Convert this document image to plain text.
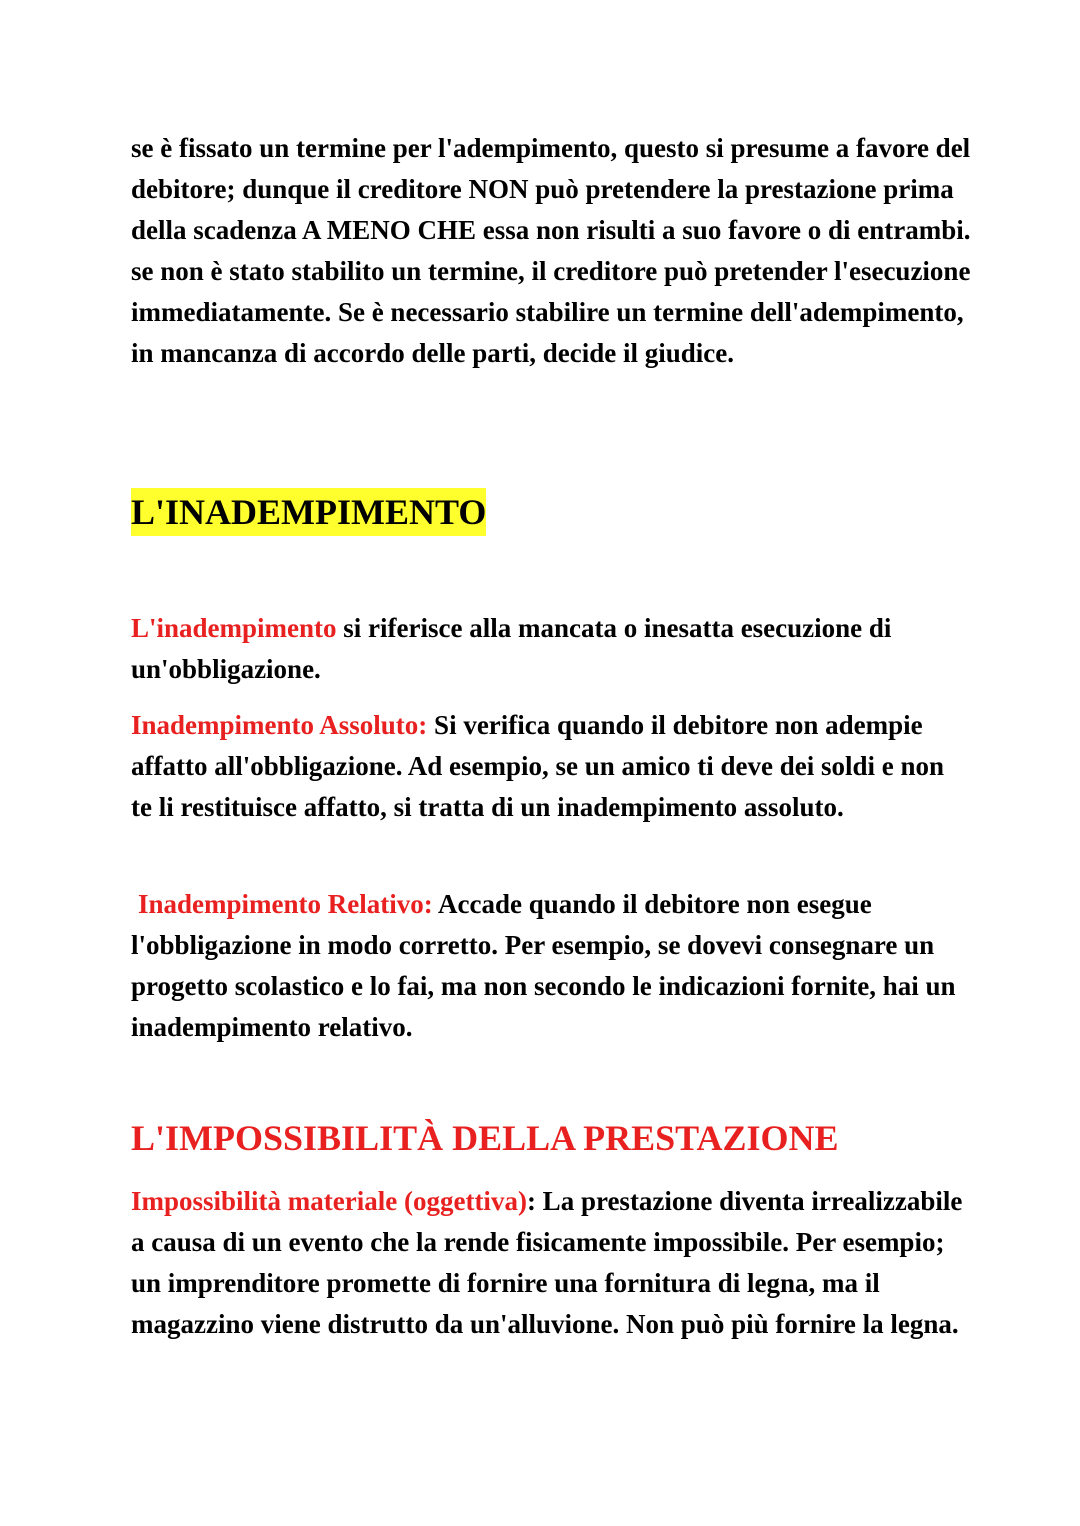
se è fissato un termine per l'adempimento, questo si presume a favore del debitore; dunque il creditore NON può pretendere la prestazione prima della scadenza A MENO CHE essa non risulti a suo favore o di entrambi. se non è stato stabilito un termine, il creditore può pretender l'esecuzione immediatamente. Se è necessario stabilire un termine dell'adempimento, in mancanza di accordo delle parti, decide il giudice.

L'INADEMPIMENTO

L'inadempimento si riferisce alla mancata o inesatta esecuzione di un'obbligazione.

Inadempimento Assoluto: Si verifica quando il debitore non adempie affatto all'obbligazione. Ad esempio, se un amico ti deve dei soldi e non te li restituisce affatto, si tratta di un inadempimento assoluto.

Inadempimento Relativo: Accade quando il debitore non esegue l'obbligazione in modo corretto. Per esempio, se dovevi consegnare un progetto scolastico e lo fai, ma non secondo le indicazioni fornite, hai un inadempimento relativo.

L'IMPOSSIBILITÀ DELLA PRESTAZIONE

Impossibilità materiale (oggettiva): La prestazione diventa irrealizzabile a causa di un evento che la rende fisicamente impossibile. Per esempio; un imprenditore promette di fornire una fornitura di legna, ma il magazzino viene distrutto da un'alluvione. Non può più fornire la legna.
